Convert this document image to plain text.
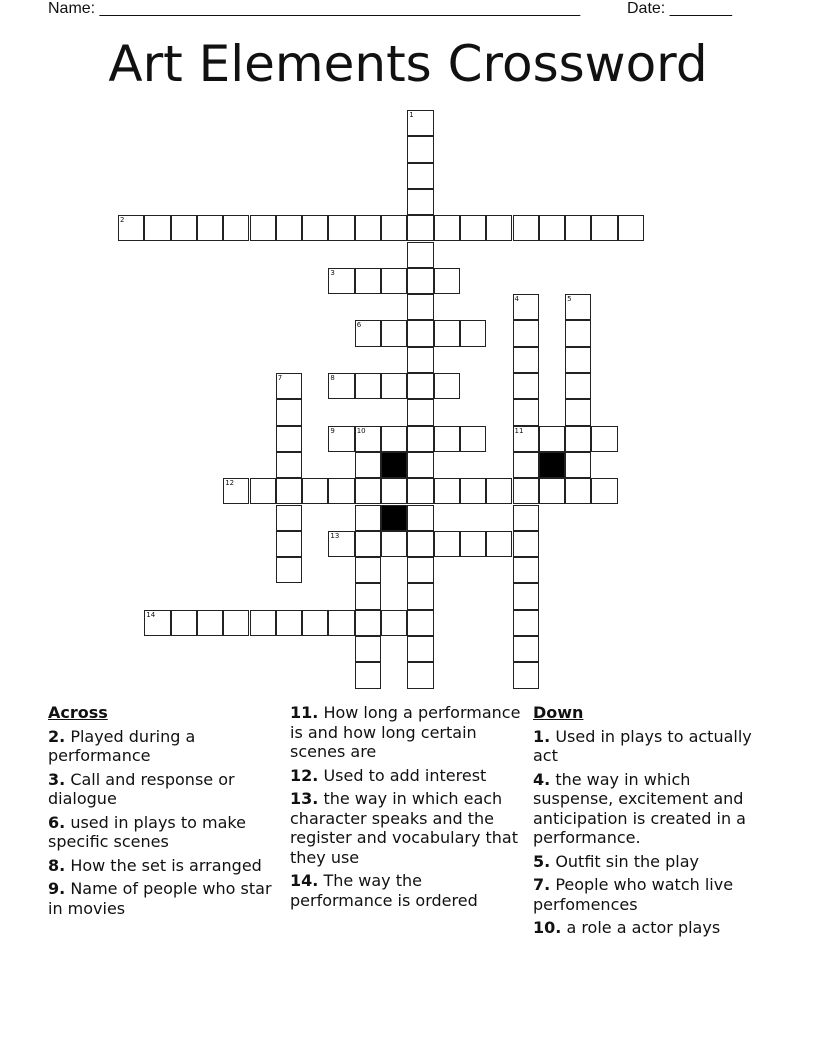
Name: ______________________________________________________	Date: _______
Art Elements Crossword
1
2
3
4
11
5
6
7	8
9	10
12
13
14
Across
2. Played during a performance
3. Call and response or dialogue
6. used in plays to make specific scenes
8. How the set is arranged
9. Name of people who star in movies
11. How long a performance is and how long certain scenes are
12. Used to add interest
13. the way in which each character speaks and the register and vocabulary that they use
14. The way the performance is ordered
Down
1. Used in plays to actually act
4. the way in which suspense, excitement and anticipation is created in a performance.
5. Outfit sin the play
7. People who watch live perfomences
10. a role a actor plays
